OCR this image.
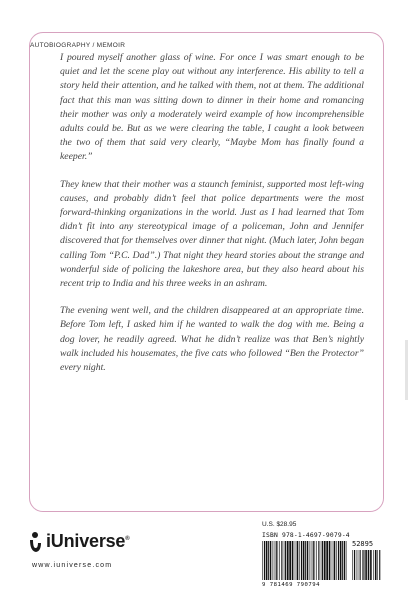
AUTOBIOGRAPHY / MEMOIR

I poured myself another glass of wine. For once I was smart enough to be quiet and let the scene play out without any interference. His ability to tell a story held their attention, and he talked with them, not at them. The additional fact that this man was sitting down to dinner in their home and romancing their mother was only a moderately weird example of how incomprehensible adults could be. But as we were clearing the table, I caught a look between the two of them that said very clearly, “Maybe Mom has finally found a keeper.”

They knew that their mother was a staunch feminist, supported most left-wing causes, and probably didn’t feel that police departments were the most forward-thinking organizations in the world. Just as I had learned that Tom didn’t fit into any stereotypical image of a policeman, John and Jennifer discovered that for themselves over dinner that night. (Much later, John began calling Tom “P.C. Dad”.) That night they heard stories about the strange and wonderful side of policing the lakeshore area, but they also heard about his recent trip to India and his three weeks in an ashram.

The evening went well, and the children disappeared at an appropriate time. Before Tom left, I asked him if he wanted to walk the dog with me. Being a dog lover, he readily agreed. What he didn’t realize was that Ben’s nightly walk included his housemates, the five cats who followed “Ben the Protector” every night.

iUniverse®
www.iuniverse.com
U.S. $28.95
ISBN 978-1-4697-9079-4
52895
9 781469 790794
